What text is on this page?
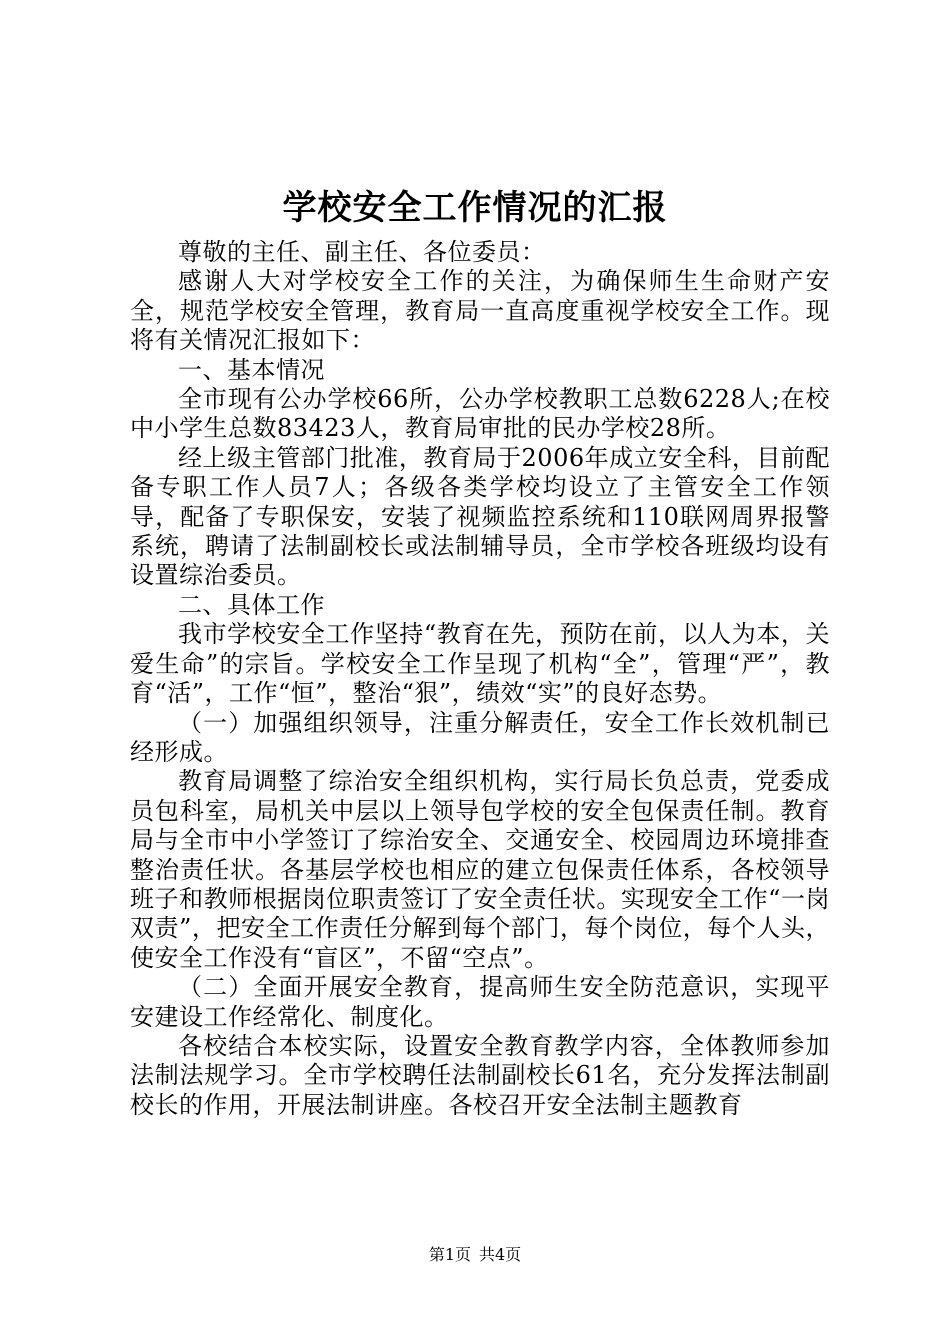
学校安全工作情况的汇报

尊敬的主任、副主任、各位委员：

感谢人大对学校安全工作的关注，为确保师生生命财产安全，规范学校安全管理，教育局一直高度重视学校安全工作。现将有关情况汇报如下：

一、基本情况

全市现有公办学校66所，公办学校教职工总数6228人;在校中小学生总数83423人，教育局审批的民办学校28所。

经上级主管部门批准，教育局于2006年成立安全科，目前配备专职工作人员7人；各级各类学校均设立了主管安全工作领导，配备了专职保安，安装了视频监控系统和110联网周界报警系统，聘请了法制副校长或法制辅导员，全市学校各班级均设有设置综治委员。

二、具体工作

我市学校安全工作坚持“教育在先，预防在前，以人为本，关爱生命”的宗旨。学校安全工作呈现了机构“全”，管理“严”，教育“活”，工作“恒”，整治“狠”，绩效“实”的良好态势。

（一）加强组织领导，注重分解责任，安全工作长效机制已经形成。

教育局调整了综治安全组织机构，实行局长负总责，党委成员包科室，局机关中层以上领导包学校的安全包保责任制。教育局与全市中小学签订了综治安全、交通安全、校园周边环境排查整治责任状。各基层学校也相应的建立包保责任体系，各校领导班子和教师根据岗位职责签订了安全责任状。实现安全工作“一岗双责”，把安全工作责任分解到每个部门，每个岗位，每个人头，使安全工作没有“盲区”，不留“空点”。

（二）全面开展安全教育，提高师生安全防范意识，实现平安建设工作经常化、制度化。

各校结合本校实际，设置安全教育教学内容，全体教师参加法制法规学习。全市学校聘任法制副校长61名，充分发挥法制副校长的作用，开展法制讲座。各校召开安全法制主题教育

第1页 共4页
